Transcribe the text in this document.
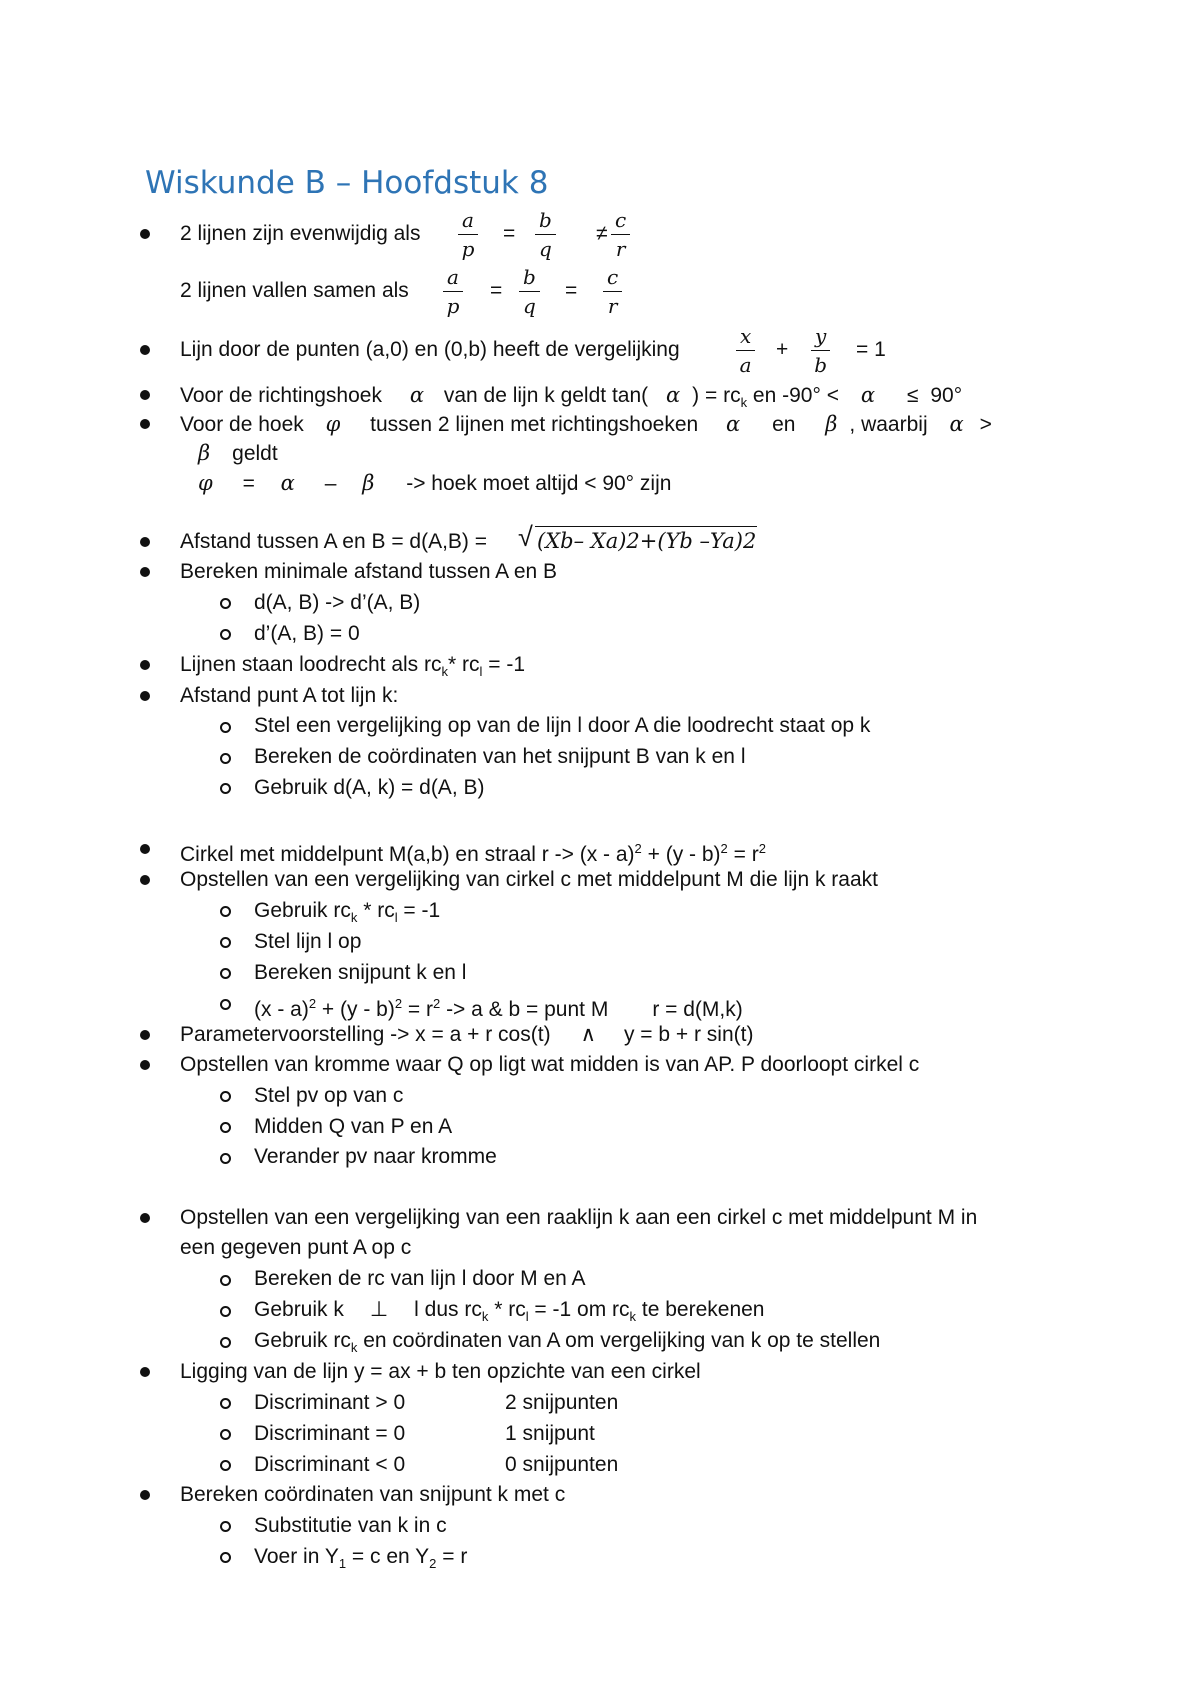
Wiskunde B – Hoofdstuk 8
2 lijnen zijn evenwijdig als $\frac{a}{p} = \frac{b}{q} \ne \frac{c}{r}$
2 lijnen vallen samen als $\frac{a}{p} = \frac{b}{q} = \frac{c}{r}$
Lijn door de punten (a,0) en (0,b) heeft de vergelijking	$\frac{x}{a} + \frac{y}{b} = 1$
Voor de richtingshoek α van de lijn k geldt tan( α ) = $rc_k$ en -90° < α ≤ 90°
Voor de hoek φ tussen 2 lijnen met richtingshoeken α en β , waarbij α >
β geldt
φ = α – β -> hoek moet altijd < 90° zijn
Afstand tussen A en B = d(A,B) = √ (Xb– Xa)2+(Yb –Ya)2
Bereken minimale afstand tussen A en B
d(A, B) -> d’(A, B)
d’(A, B) = 0
Lijnen staan loodrecht als $rc_k*$ $rc_l = -1$
Afstand punt A tot lijn k:
Stel een vergelijking op van de lijn l door A die loodrecht staat op k
Bereken de coördinaten van het snijpunt B van k en l
Gebruik d(A, k) = d(A, B)
Cirkel met middelpunt M(a,b) en straal $r -> (x - a)^2 + (y - b)^2 = r^2$
Opstellen van een vergelijking van cirkel c met middelpunt M die lijn k raakt
Gebruik $rc_k * rc_l = -1$
Stel lijn l op
Bereken snijpunt k en l
$(x - a)^2 + (y - b)^2 = r^2 -> a$ & b = punt M r = d(M,k)
Parametervoorstelling -> x = a + r cos(t) ∧ y = b + r sin(t)
Opstellen van kromme waar Q op ligt wat midden is van AP. P doorloopt cirkel c
Stel pv op van c
Midden Q van P en A
Verander pv naar kromme
Opstellen van een vergelijking van een raaklijn k aan een cirkel c met middelpunt M in
een gegeven punt A op c
Bereken de rc van lijn l door M en A
Gebruik k ⊥ l dus $rc_k * rc_l = -1$ om $rc_k$ te berekenen
Gebruik $rc_k$ en coördinaten van A om vergelijking van k op te stellen
Ligging van de lijn y = ax + b ten opzichte van een cirkel
Discriminant > 0	2 snijpunten
Discriminant = 0	1 snijpunt
Discriminant < 0	0 snijpunten
Bereken coördinaten van snijpunt k met c
Substitutie van k in c
Voer in $Y_1 = c$ en $Y_2 = r$
